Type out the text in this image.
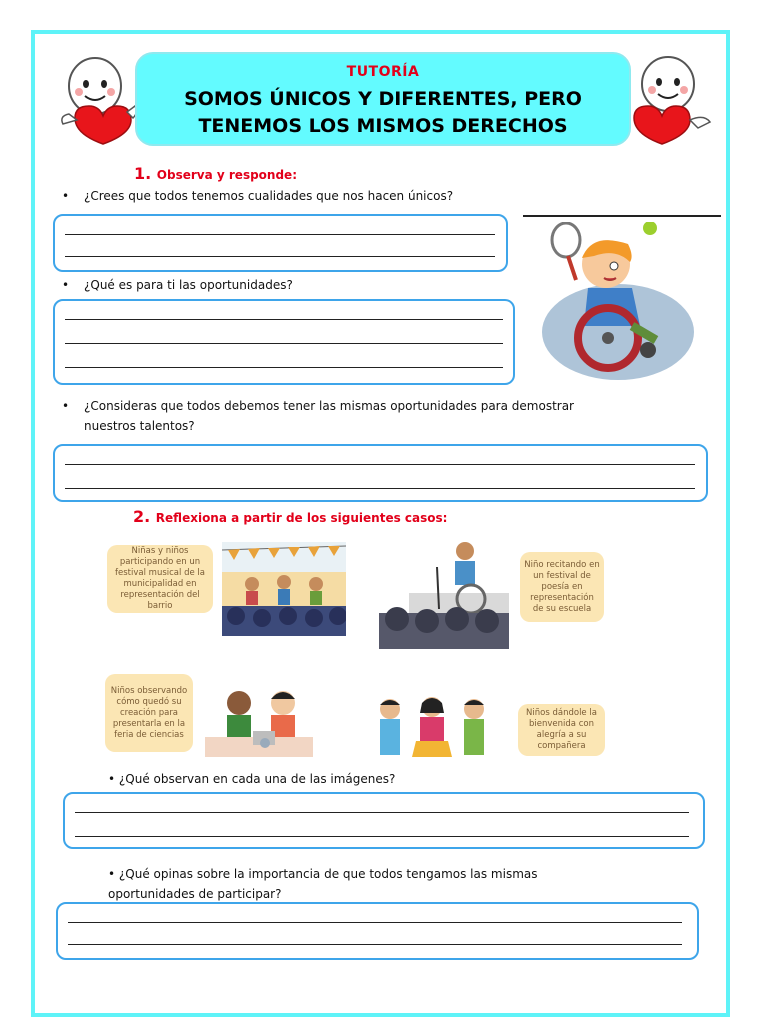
TUTORÍA
SOMOS ÚNICOS Y DIFERENTES, PERO
TENEMOS LOS MISMOS DERECHOS
1. Observa y responde:
• ¿Crees que todos tenemos cualidades que nos hacen únicos?
• ¿Qué es para ti las oportunidades?
• ¿Consideras que todos debemos tener las mismas oportunidades para demostrar
nuestros talentos?
2. Reflexiona a partir de los siguientes casos:
Niñas y niños participando en un festival musical de la municipalidad en representación del barrio
Niño recitando en un festival de poesía en representación de su escuela
Niños observando cómo quedó su creación para presentarla en la feria de ciencias
Niños dándole la bienvenida con alegría a su compañera
• ¿Qué observan en cada una de las imágenes?
• ¿Qué opinas sobre la importancia de que todos tengamos las mismas
oportunidades de participar?
